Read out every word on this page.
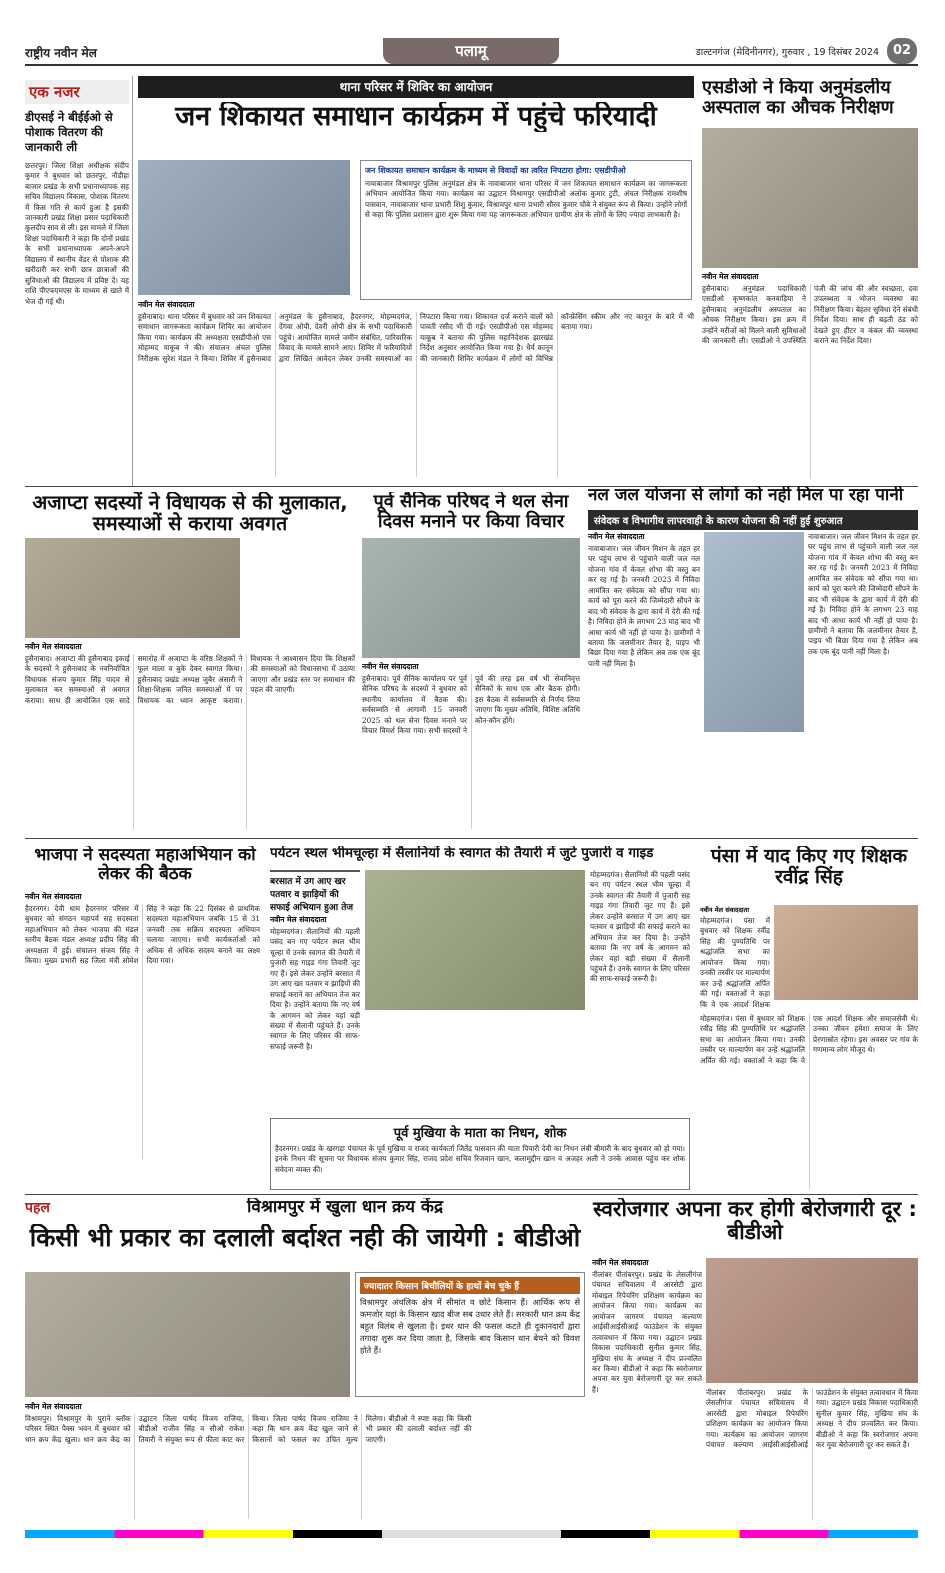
राष्ट्रीय नवीन मेल	पलामू	डाल्टनगंज (मेदिनीनगर), गुरुवार , 19 दिसंबर 2024	02
एक नजर
डीएसई ने बीईईओ से पोशाक वितरण की जानकारी ली
छत्तरपुर। जिला शिक्षा अधीक्षक संदीप कुमार ने बुधवार को छतरपुर, नौडीहा बाजार प्रखंड के सभी प्रधानाध्यापक सह सचिव विद्यालय विकास, पोशाक वितरण में किस गति से कार्य हुआ है इसकी जानकारी प्रखंड शिक्षा प्रसार पदाधिकारी कुलदीप साव से ली। इस मामले में जिला शिक्षा पदाधिकारी ने कहा कि दोनों प्रखंड के सभी प्रधानाध्यापक अपने-अपने विद्यालय में स्थानीय वेंडर से पोशाक की खरीदारी कर सभी छात्र छात्राओं की सुविधाओं की विद्यालय में प्रविष्ट दें। यह राशि पीएफएमएस के माध्यम से खाते में भेज दी गई थी।
थाना परिसर में शिविर का आयोजन
जन शिकायत समाधान कार्यक्रम में पहुंचे फरियादी
जन शिकायत समाधान कार्यक्रम के माध्यम से विवादों का त्वरित निपटारा होगा: एसडीपीओ
नावाबाजार विश्रामपुर पुलिस अनुमंडल क्षेत्र के नावाबाजार थाना परिसर में जन शिकायत समाधान कार्यक्रम का जागरूकता अभियान आयोजित किया गया। कार्यक्रम का उद्घाटन विश्रामपुर एसडीपीओ अलोक कुमार टुटी, अंचल निरीक्षक रामशीष पासवान, नावाबाजार थाना प्रभारी शिशु कुमार, विश्रामपुर थाना प्रभारी सौरव कुमार चौबे ने संयुक्त रूप से किया। उन्होंने लोगों से कहा कि पुलिस प्रशासन द्वारा शुरू किया गया यह जागरूकता अभियान ग्रामीण क्षेत्र के लोगों के लिए ज्यादा लाभकारी है।
नवीन मेल संवाददाता
हुसैनाबाद। थाना परिसर में बुधवार को जन शिकायत समाधान जागरूकता कार्यक्रम शिविर का आयोजन किया गया। कार्यक्रम की अध्यक्षता एसडीपीओ एस मोहम्मद याकूब ने की। संचालन अंचल पुलिस निरीक्षक सुरेश मंडल ने किया। शिविर में हुसैनाबाद अनुमंडल के हुसैनाबाद, हैदरनगर, मोहम्मदगंज, देंगवा ओपी, देवरी ओपी क्षेत्र के सभी पदाधिकारी पहुंचे। आयोजित मामले जमीन संबंधित, पारिवारिक विवाद के मामले सामने आए। शिविर में फरियादियों द्वारा लिखित आवेदन लेकर उनकी समस्याओं का निपटारा किया गया। शिकायत दर्ज कराने वालों को पावती रसीद भी दी गई। एसडीपीओ एस मोहम्मद याकूब ने बताया की पुलिस महानिदेशक झारखंड निर्देश अनुसार आयोजित किया गया है। धैर्य कानून की जानकारी शिविर कार्यक्रम में लोगों को विभिन्न कॉन्फ्रेंसिंग स्कीम और नए कानून के बारे में भी बताया गया।
एसडीओ ने किया अनुमंडलीय अस्पताल का औचक निरीक्षण
नवीन मेल संवाददाता
हुसैनाबाद। अनुमंडल पदाधिकारी एसडीओ कृष्णकांत कनवाड़िया ने हुसैनाबाद अनुमंडलीय अस्पताल का औचक निरीक्षण किया। इस क्रम में उन्होंने मरीजों को मिलने वाली सुविधाओं की जानकारी ली। एसडीओ ने उपस्थिति पंजी की जांच की और स्वच्छता, दवा उपलब्धता व भोजन व्यवस्था का निरीक्षण किया। बेहतर सुविधा देने संबंधी निर्देश दिया। साथ ही बढ़ती ठंड को देखते हुए हीटर व कंबल की व्यवस्था कराने का निर्देश दिया।
अजाप्टा सदस्यों ने विधायक से की मुलाकात, समस्याओं से कराया अवगत
नवीन मेल संवाददाता
हुसैनाबाद। अजाप्टा की हुसैनाबाद इकाई के सदस्यों ने हुसैनाबाद के नवनिर्वाचित विधायक संजय कुमार सिंह यादव से मुलाकात कर समस्याओं से अवगत कराया। साथ ही आयोजित एक सादे समारोह में अजाप्टा के वरिष्ठ शिक्षकों ने फूल माला व बुके देकर स्वागत किया। हुसैनाबाद प्रखंड अध्यक्ष जुबैर अंसारी ने शिक्षा-शिक्षक जनित समस्याओं में पर विधायक का ध्यान आकृष्ट कराया। विधायक ने आश्वासन दिया कि शिक्षकों की समस्याओं को विधानसभा में उठाया जाएगा और प्रखंड स्तर पर समाधान की पहल की जाएगी।
पूर्व सैनिक परिषद ने थल सेना दिवस मनाने पर किया विचार
नवीन मेल संवाददाता
हुसैनाबाद। पूर्व सैनिक कार्यालय पर पूर्व सैनिक परिषद के सदस्यों ने बुधवार को स्थानीय कार्यालय में बैठक की। सर्वसम्मति से आगामी 15 जनवरी 2025 को थल सेना दिवस मनाने पर विचार विमर्श किया गया। सभी सदस्यों ने पूर्व की तरह इस वर्ष भी सेवानिवृत्त सैनिकों के साथ एक और बैठक होगी। इस बैठक में सर्वसम्मति से निर्णय लिया जाएगा कि मुख्य अतिथि, विशिष्ट अतिथि कौन-कौन होंगे।
नल जल योजना से लोगों को नहीं मिल पा रहा पानी
संवेदक व विभागीय लापरवाही के कारण योजना की नहीं हुई शुरुआत
नवीन मेल संवाददाता
नावाबाजार। जल जीवन मिशन के तहत हर घर पहुंच लाभ से पहुंचाने वाली जल नल योजना गांव में केवल शोभा की वस्तु बन कर रह गई है। जनवरी 2023 में निविदा आमंत्रित कर संवेदक को सौंपा गया था। कार्य को पूरा करने की जिम्मेदारी सौंपने के बाद भी संवेदक के द्वारा कार्य में देरी की गई है। निविदा होने के लगभग 23 माह बाद भी आधा कार्य भी नहीं हो पाया है। ग्रामीणों ने बताया कि जलमीनार तैयार है, पाइप भी बिछा दिया गया है लेकिन अब तक एक बूंद पानी नहीं मिला है।
नावाबाजार। जल जीवन मिशन के तहत हर घर पहुंच लाभ से पहुंचाने वाली जल नल योजना गांव में केवल शोभा की वस्तु बन कर रह गई है। जनवरी 2023 में निविदा आमंत्रित कर संवेदक को सौंपा गया था। कार्य को पूरा करने की जिम्मेदारी सौंपने के बाद भी संवेदक के द्वारा कार्य में देरी की गई है। निविदा होने के लगभग 23 माह बाद भी आधा कार्य भी नहीं हो पाया है। ग्रामीणों ने बताया कि जलमीनार तैयार है, पाइप भी बिछा दिया गया है लेकिन अब तक एक बूंद पानी नहीं मिला है।
भाजपा ने सदस्यता महाअभियान को लेकर की बैठक
नवीन मेल संवाददाता
हैदरनगर। देवी धाम हैदरनगर परिसर में बुधवार को संगठन महापर्व सह सदस्यता महाअभियान को लेकर भाजपा की मंडल स्तरीय बैठक मंडल अध्यक्ष प्रदीप सिंह की अध्यक्षता में हुई। संचालन संजय सिंह ने किया। मुख्य प्रभारी सह जिला मंत्री सोमेश सिंह ने कहा कि 22 दिसंबर से प्राथमिक सदस्यता महाअभियान जबकि 15 से 31 जनवरी तक सक्रिय सदस्यता अभियान चलाया जाएगा। सभी कार्यकर्ताओं को अधिक से अधिक सदस्य बनाने का लक्ष्य दिया गया।
पर्यटन स्थल भीमचूल्हा में सैलानियों के स्वागत की तैयारी में जुटे पुजारी व गाइड
बरसात में उग आए खर पतवार व झाड़ियों की सफाई अभियान हुआ तेज
नवीन मेल संवाददाता
मोहम्मदगंज। सैलानियों की पहली पसंद बन गए पर्यटन स्थल भीम चूल्हा में उनके स्वागत की तैयारी में पुजारी सह गाइड गंगा तिवारी जुट गए हैं। इसे लेकर उन्होंने बरसात में उग आए खर पतवार व झाड़ियों की सफाई कराने का अभियान तेज कर दिया है। उन्होंने बताया कि नए वर्ष के आगमन को लेकर यहां बड़ी संख्या में सैलानी पहुंचते हैं। उनके स्वागत के लिए परिसर की साफ-सफाई जरूरी है।
मोहम्मदगंज। सैलानियों की पहली पसंद बन गए पर्यटन स्थल भीम चूल्हा में उनके स्वागत की तैयारी में पुजारी सह गाइड गंगा तिवारी जुट गए हैं। इसे लेकर उन्होंने बरसात में उग आए खर पतवार व झाड़ियों की सफाई कराने का अभियान तेज कर दिया है। उन्होंने बताया कि नए वर्ष के आगमन को लेकर यहां बड़ी संख्या में सैलानी पहुंचते हैं। उनके स्वागत के लिए परिसर की साफ-सफाई जरूरी है।
पूर्व मुखिया के माता का निधन, शोक
हैदरनगर। प्रखंड के खरगड़ा पंचायत के पूर्व मुखिया व राजद कार्यकर्ता जितेंद्र पासवान की माता पियारी देवी का निधन लंबी बीमारी के बाद बुधवार को हो गया। इनके निधन की सूचना पर विधायक संजय कुमार सिंह, राजद प्रदेश सचिव रिजवान खान, कलामुद्दीन खान व अजहर अली ने उनके आवास पहुंच कर शोक संवेदना व्यक्त की।
पंसा में याद किए गए शिक्षक रवींद्र सिंह
नवीन मेल संवाददाता
मोहम्मदगंज। पंसा में बुधवार को शिक्षक रवींद्र सिंह की पुण्यतिथि पर श्रद्धांजलि सभा का आयोजन किया गया। उनकी तस्वीर पर माल्यार्पण कर उन्हें श्रद्धांजलि अर्पित की गई। वक्ताओं ने कहा कि वे एक आदर्श शिक्षक
मोहम्मदगंज। पंसा में बुधवार को शिक्षक रवींद्र सिंह की पुण्यतिथि पर श्रद्धांजलि सभा का आयोजन किया गया। उनकी तस्वीर पर माल्यार्पण कर उन्हें श्रद्धांजलि अर्पित की गई। वक्ताओं ने कहा कि वे एक आदर्श शिक्षक और समाजसेवी थे। उनका जीवन हमेशा समाज के लिए प्रेरणास्रोत रहेगा। इस अवसर पर गांव के गणमान्य लोग मौजूद थे।
पहल	विश्रामपुर में खुला धान क्रय केंद्र
किसी भी प्रकार का दलाली बर्दाश्त नही की जायेगी : बीडीओ
ज्यादातर किसान बिचौलियों के हाथों बेच चुके हैं
विश्रामपुर अंचलिक क्षेत्र में सीमांत व छोटे किसान हैं। आर्थिक रूप से कमजोर यहां के किसान खाद बीज सब उधार लेते हैं। सरकारी धान क्रय केंद्र बहुत विलंब से खुलता है। इधर धान की फसल कटते ही दुकानदारों द्वारा तगादा शुरू कर दिया जाता है, जिसके बाद किसान धान बेचने को विवश होते हैं।
नवीन मेल संवाददाता
विश्रामपुर। विश्रामपुर के पुराने ब्लॉक परिसर स्थित पैक्स भवन में बुधवार को धान क्रय केंद्र खुला। धान क्रय केंद्र का उद्घाटन जिला पार्षद विजय राजिया, बीडीओ राजीव सिंह व सीओ राकेश तिवारी ने संयुक्त रूप से फीता काट कर किया। जिला पार्षद विजय राजिया ने कहा कि धान क्रय केंद्र खुल जाने से किसानों को फसल का उचित मूल्य मिलेगा। बीडीओ ने स्पष्ट कहा कि किसी भी प्रकार की दलाली बर्दाश्त नहीं की जाएगी।
स्वरोजगार अपना कर होगी बेरोजगारी दूर : बीडीओ
नवीन मेल संवाददाता
नीलांबर पीतांबरपुर। प्रखंड के लेसलीगंज पंचायत सचिवालय में आरसेटी द्वारा मोबाइल रिपेयरिंग प्रशिक्षण कार्यक्रम का आयोजन किया गया। कार्यक्रम का आयोजन जागरण पंचायत कल्याण आईसीआईसीआई फाउंडेशन के संयुक्त तत्वावधान में किया गया। उद्घाटन प्रखंड विकास पदाधिकारी सुनील कुमार सिंह, मुखिया संघ के अध्यक्ष ने दीप प्रज्वलित कर किया। बीडीओ ने कहा कि स्वरोजगार अपना कर युवा बेरोजगारी दूर कर सकते हैं।	नीलांबर पीतांबरपुर। प्रखंड के लेसलीगंज पंचायत सचिवालय में आरसेटी द्वारा मोबाइल रिपेयरिंग प्रशिक्षण कार्यक्रम का आयोजन किया गया। कार्यक्रम का आयोजन जागरण पंचायत कल्याण आईसीआईसीआई फाउंडेशन के संयुक्त तत्वावधान में किया गया। उद्घाटन प्रखंड विकास पदाधिकारी सुनील कुमार सिंह, मुखिया संघ के अध्यक्ष ने दीप प्रज्वलित कर किया। बीडीओ ने कहा कि स्वरोजगार अपना कर युवा बेरोजगारी दूर कर सकते हैं।
